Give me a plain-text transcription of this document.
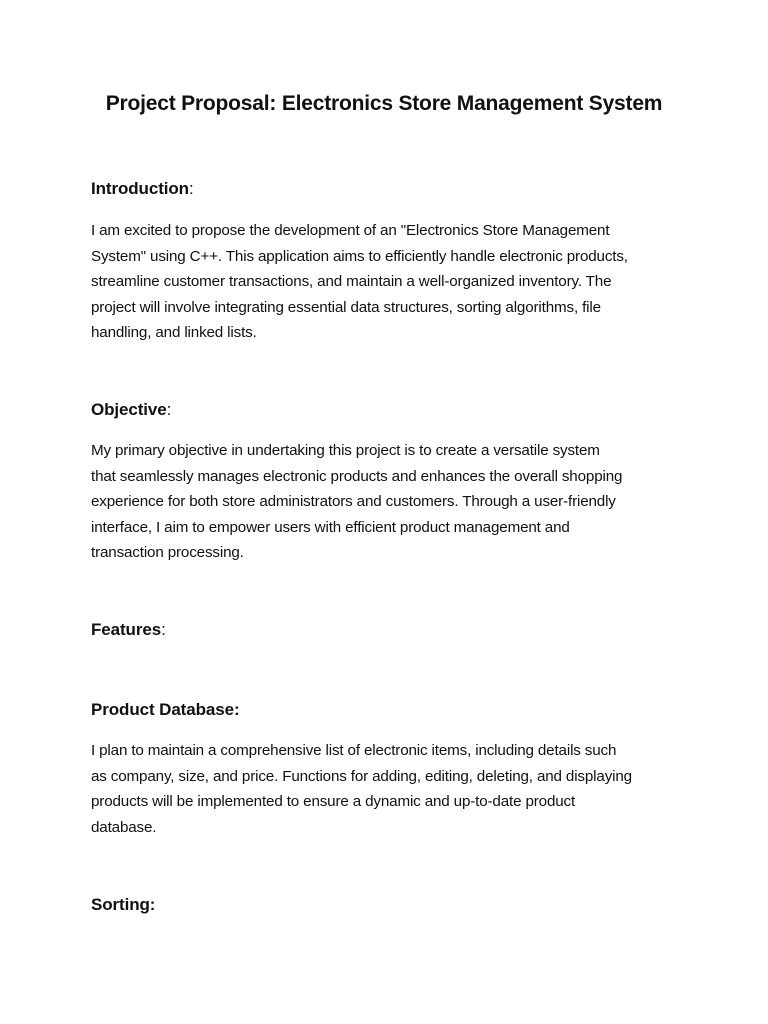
Project Proposal: Electronics Store Management System
Introduction:

I am excited to propose the development of an "Electronics Store Management
System" using C++. This application aims to efficiently handle electronic products,
streamline customer transactions, and maintain a well-organized inventory. The
project will involve integrating essential data structures, sorting algorithms, file
handling, and linked lists.

Objective:

My primary objective in undertaking this project is to create a versatile system
that seamlessly manages electronic products and enhances the overall shopping
experience for both store administrators and customers. Through a user-friendly
interface, I aim to empower users with efficient product management and
transaction processing.

Features:
Product Database:

I plan to maintain a comprehensive list of electronic items, including details such
as company, size, and price. Functions for adding, editing, deleting, and displaying
products will be implemented to ensure a dynamic and up-to-date product
database.

Sorting:
